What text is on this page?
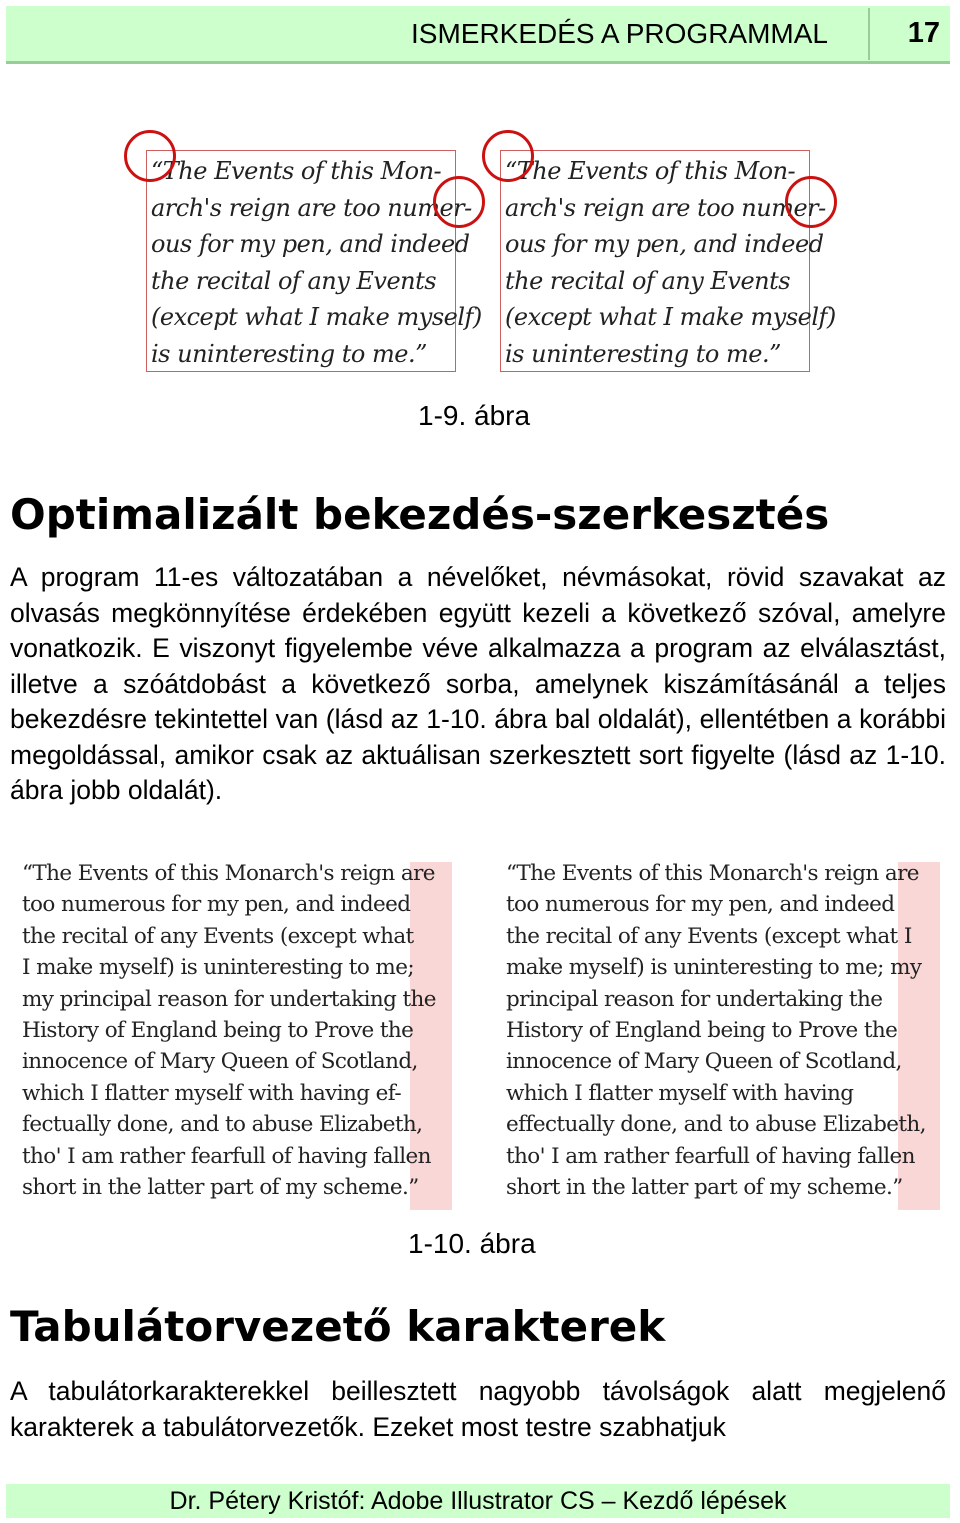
ISMERKEDÉS A PROGRAMMAL	17
“The Events of this Mon-
arch's reign are too numer-
ous for my pen, and indeed
the recital of any Events
(except what I make myself)
is uninteresting to me.”
“The Events of this Mon-
arch's reign are too numer-
ous for my pen, and indeed
the recital of any Events
(except what I make myself)
is uninteresting to me.”
1-9. ábra
Optimalizált bekezdés-szerkesztés
A program 11-es változatában a névelőket, névmásokat, rövid szavakat az olvasás megkönnyítése érdekében együtt kezeli a következő szóval, amelyre vonatkozik. E viszonyt figyelembe véve alkalmazza a program az elválasztást, illetve a szóátdobást a következő sorba, amelynek kiszámításánál a teljes bekezdésre tekintettel van (lásd az 1-10. ábra bal oldalát), ellentétben a korábbi megoldással, amikor csak az aktuálisan szerkesztett sort figyelte (lásd az 1-10. ábra jobb oldalát).
“The Events of this Monarch's reign are
too numerous for my pen, and indeed
the recital of any Events (except what
I make myself) is uninteresting to me;
my principal reason for undertaking the
History of England being to Prove the
innocence of Mary Queen of Scotland,
which I flatter myself with having ef-
fectually done, and to abuse Elizabeth,
tho' I am rather fearfull of having fallen
short in the latter part of my scheme.”
“The Events of this Monarch's reign are
too numerous for my pen, and indeed
the recital of any Events (except what I
make myself) is uninteresting to me; my
principal reason for undertaking the
History of England being to Prove the
innocence of Mary Queen of Scotland,
which I flatter myself with having
effectually done, and to abuse Elizabeth,
tho' I am rather fearfull of having fallen
short in the latter part of my scheme.”
1-10. ábra
Tabulátorvezető karakterek
A tabulátorkarakterekkel beillesztett nagyobb távolságok alatt megjelenő karakterek a tabulátorvezetők. Ezeket most testre szabhatjuk
Dr. Pétery Kristóf: Adobe Illustrator CS – Kezdő lépések
